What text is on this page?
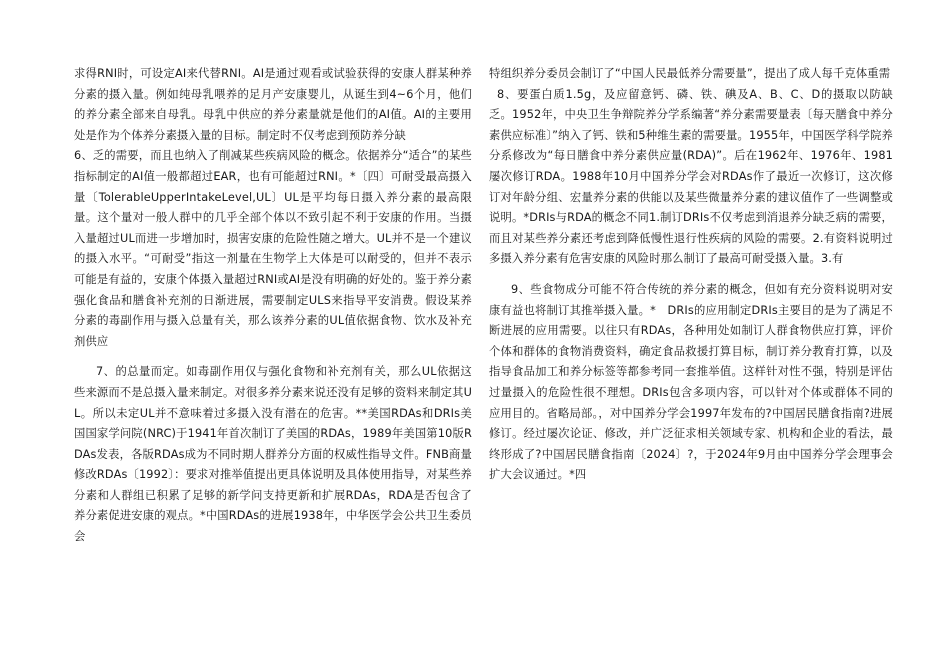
求得RNI时，可设定AI来代替RNI。AI是通过观看或试验获得的安康人群某种养分素的摄入量。例如纯母乳喂养的足月产安康婴儿，从诞生到4~6个月，他们的养分素全部来自母乳。母乳中供应的养分素量就是他们的AI值。AI的主要用处是作为个体养分素摄入量的目标。制定时不仅考虑到预防养分缺

6、乏的需要，而且也纳入了削减某些疾病风险的概念。依据养分“适合”的某些指标制定的AI值一般都超过EAR，也有可能超过RNI。*〔四〕可耐受最高摄入量〔TolerableUpperIntakeLevel,UL〕UL是平均每日摄入养分素的最高限量。这个量对一般人群中的几乎全部个体以不致引起不利于安康的作用。当摄入量超过UL而进一步增加时，损害安康的危险性随之增大。UL并不是一个建议的摄入水平。“可耐受”指这一剂量在生物学上大体是可以耐受的，但并不表示可能是有益的，安康个体摄入量超过RNI或AI是没有明确的好处的。鉴于养分素强化食品和膳食补充剂的日渐进展，需要制定ULS来指导平安消费。假设某养分素的毒副作用与摄入总量有关，那么该养分素的UL值依据食物、饮水及补充剂供应

7、的总量而定。如毒副作用仅与强化食物和补充剂有关，那么UL依据这些来源而不是总摄入量来制定。对很多养分素来说还没有足够的资料来制定其UL。所以未定UL并不意味着过多摄入没有潜在的危害。**美国RDAs和DRIs美国国家学问院(NRC)于1941年首次制订了美国的RDAs，1989年美国第10版RDAs发表，各版RDAs成为不同时期人群养分方面的权威性指导文件。FNB商量修改RDAs〔1992〕：要求对推举值提出更具体说明及具体使用指导，对某些养分素和人群组已积累了足够的新学问支持更新和扩展RDAs，RDA是否包含了养分素促进安康的观点。*中国RDAs的进展1938年，中华医学会公共卫生委员会

特组织养分委员会制订了“中国人民最低养分需要量”，提出了成人每千克体重需

8、要蛋白质1.5g，及应留意钙、磷、铁、碘及A、B、C、D的摄取以防缺乏。1952年，中央卫生争辩院养分学系编著“养分素需要量表〔每天膳食中养分素供应标准〕”纳入了钙、铁和5种维生素的需要量。1955年，中国医学科学院养分系修改为“每日膳食中养分素供应量(RDA)”。后在1962年、1976年、1981屡次修订RDA。1988年10月中国养分学会对RDAs作了最近一次修订，这次修订对年龄分组、宏量养分素的供能以及某些微量养分素的建议值作了一些调整或说明。*DRIs与RDA的概念不同1.制订DRIs不仅考虑到消退养分缺乏病的需要，而且对某些养分素还考虑到降低慢性退行性疾病的风险的需要。2.有资料说明过多摄入养分素有危害安康的风险时那么制订了最高可耐受摄入量。3.有

9、些食物成分可能不符合传统的养分素的概念，但如有充分资料说明对安康有益也将制订其推举摄入量。*　DRIs的应用制定DRIs主要目的是为了满足不断进展的应用需要。以往只有RDAs，各种用处如制订人群食物供应打算，评价个体和群体的食物消费资料，确定食品救援打算目标，制订养分教育打算，以及指导食品加工和养分标签等都参考同一套推举值。这样针对性不强，特别是评估过量摄入的危险性很不理想。DRIs包含多项内容，可以针对个体或群体不同的应用目的。省略局部。，对中国养分学会1997年发布的?中国居民膳食指南?进展修订。经过屡次论证、修改，并广泛征求相关领域专家、机构和企业的看法，最终形成了?中国居民膳食指南〔2024〕?，于2024年9月由中国养分学会理事会扩大会议通过。*四
